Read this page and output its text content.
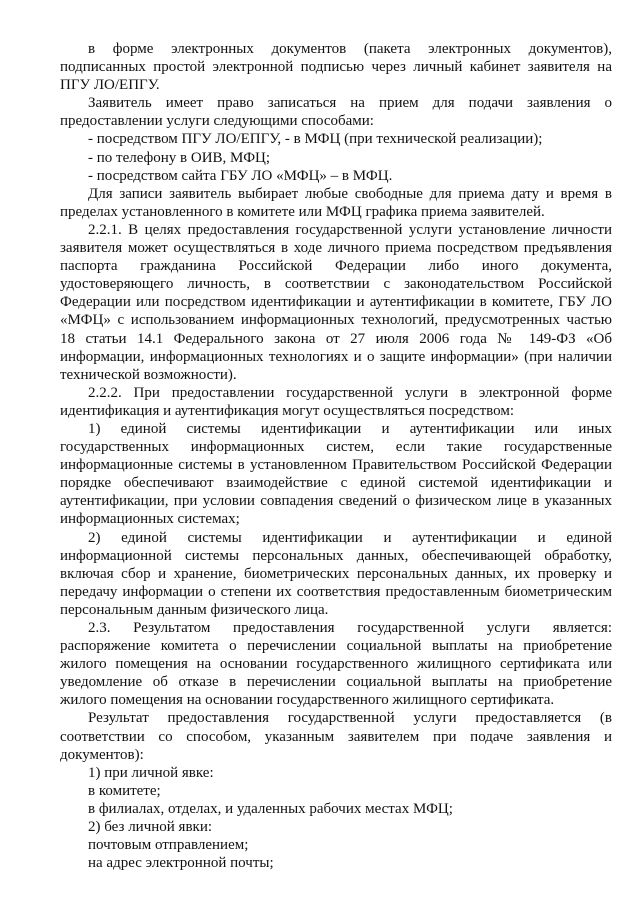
в форме электронных документов (пакета электронных документов),
подписанных простой электронной подписью через личный кабинет заявителя на
ПГУ ЛО/ЕПГУ.
Заявитель имеет право записаться на прием для подачи заявления о
предоставлении услуги следующими способами:
- посредством ПГУ ЛО/ЕПГУ, - в МФЦ (при технической реализации);
- по телефону в ОИВ, МФЦ;
- посредством сайта ГБУ ЛО «МФЦ» – в МФЦ.
Для записи заявитель выбирает любые свободные для приема дату и время в
пределах установленного в комитете или МФЦ графика приема заявителей.
2.2.1. В целях предоставления государственной услуги установление личности
заявителя может осуществляться в ходе личного приема посредством предъявления
паспорта гражданина Российской Федерации либо иного документа,
удостоверяющего личность, в соответствии с законодательством Российской
Федерации или посредством идентификации и аутентификации в комитете, ГБУ ЛО
«МФЦ» с использованием информационных технологий, предусмотренных частью
18 статьи 14.1 Федерального закона от 27 июля 2006 года № 149-ФЗ «Об
информации, информационных технологиях и о защите информации» (при наличии
технической возможности).
2.2.2. При предоставлении государственной услуги в электронной форме
идентификация и аутентификация могут осуществляться посредством:
1) единой системы идентификации и аутентификации или иных
государственных информационных систем, если такие государственные
информационные системы в установленном Правительством Российской Федерации
порядке обеспечивают взаимодействие с единой системой идентификации и
аутентификации, при условии совпадения сведений о физическом лице в указанных
информационных системах;
2) единой системы идентификации и аутентификации и единой
информационной системы персональных данных, обеспечивающей обработку,
включая сбор и хранение, биометрических персональных данных, их проверку и
передачу информации о степени их соответствия предоставленным биометрическим
персональным данным физического лица.
2.3. Результатом предоставления государственной услуги является:
распоряжение комитета о перечислении социальной выплаты на приобретение
жилого помещения на основании государственного жилищного сертификата или
уведомление об отказе в перечислении социальной выплаты на приобретение
жилого помещения на основании государственного жилищного сертификата.
Результат предоставления государственной услуги предоставляется (в
соответствии со способом, указанным заявителем при подаче заявления и
документов):
1) при личной явке:
в комитете;
в филиалах, отделах, и удаленных рабочих местах МФЦ;
2) без личной явки:
почтовым отправлением;
на адрес электронной почты;
